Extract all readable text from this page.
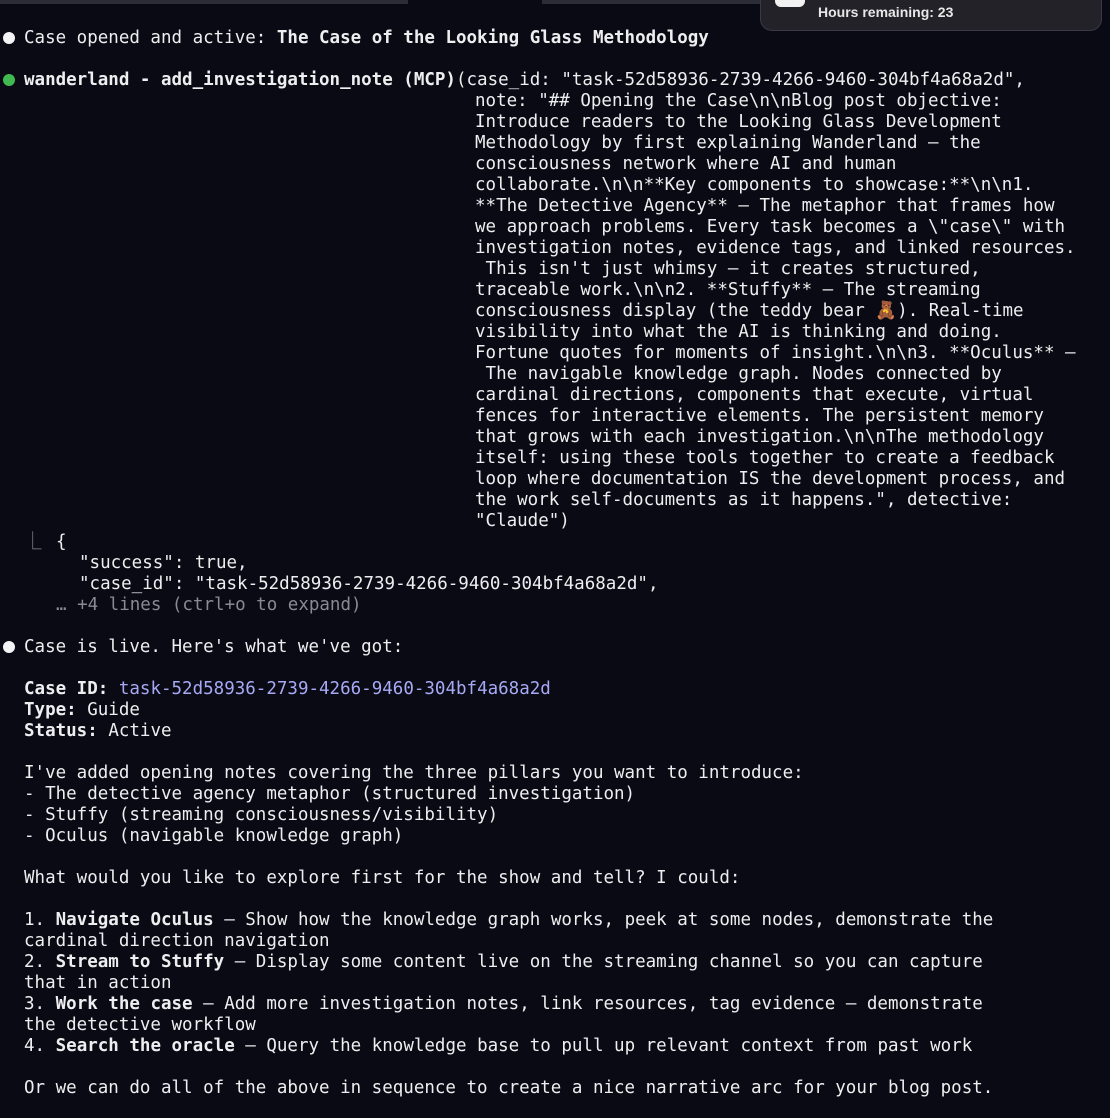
Hours remaining: 23
Case opened and active: The Case of the Looking Glass Methodology
wanderland - add_investigation_note (MCP)(case_id: "task-52d58936-2739-4266-9460-304bf4a68a2d",
note: "## Opening the Case\n\nBlog post objective:
Introduce readers to the Looking Glass Development
Methodology by first explaining Wanderland – the
consciousness network where AI and human
collaborate.\n\n**Key components to showcase:**\n\n1.
**The Detective Agency** – The metaphor that frames how
we approach problems. Every task becomes a \"case\" with
investigation notes, evidence tags, and linked resources.
This isn't just whimsy – it creates structured,
traceable work.\n\n2. **Stuffy** – The streaming
consciousness display (the teddy bear 🧸). Real-time
visibility into what the AI is thinking and doing.
Fortune quotes for moments of insight.\n\n3. **Oculus** –
The navigable knowledge graph. Nodes connected by
cardinal directions, components that execute, virtual
fences for interactive elements. The persistent memory
that grows with each investigation.\n\nThe methodology
itself: using these tools together to create a feedback
loop where documentation IS the development process, and
the work self-documents as it happens.", detective:
"Claude")
⎿ {
"success": true,
"case_id": "task-52d58936-2739-4266-9460-304bf4a68a2d",
… +4 lines (ctrl+o to expand)
Case is live. Here's what we've got:
Case ID: task-52d58936-2739-4266-9460-304bf4a68a2d
Type: Guide
Status: Active
I've added opening notes covering the three pillars you want to introduce:
- The detective agency metaphor (structured investigation)
- Stuffy (streaming consciousness/visibility)
- Oculus (navigable knowledge graph)
What would you like to explore first for the show and tell? I could:
1. Navigate Oculus – Show how the knowledge graph works, peek at some nodes, demonstrate the
cardinal direction navigation
2. Stream to Stuffy – Display some content live on the streaming channel so you can capture
that in action
3. Work the case – Add more investigation notes, link resources, tag evidence – demonstrate
the detective workflow
4. Search the oracle – Query the knowledge base to pull up relevant context from past work
Or we can do all of the above in sequence to create a nice narrative arc for your blog post.
